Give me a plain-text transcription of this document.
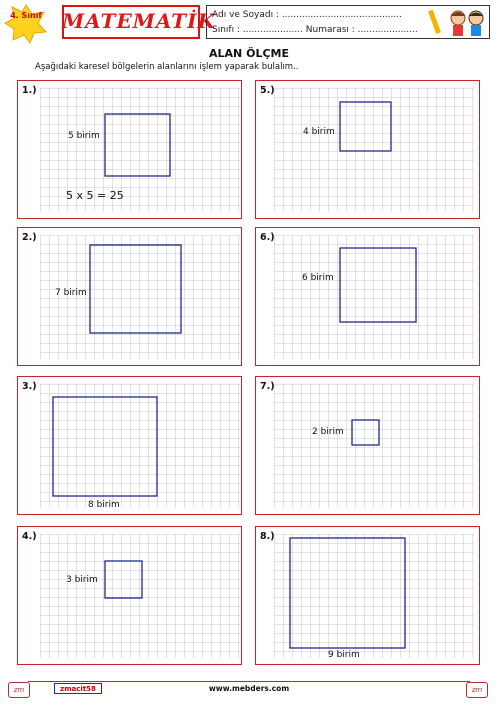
4. Sınıf	MATEMATİK
Adı ve Soyadı : ..........................................
Sınıfı : ..................... Numarası : .....................
ALAN ÖLÇME
Aşağıdaki karesel bölgelerin alanlarını işlem yaparak bulalım..
1.)
5 birim
5 x 5 = 25
2.)
7 birim
3.)
8 birim
4.)
3 birim
5.)
4 birim
6.)
6 birim
7.)
2 birim
8.)
9 birim
zm	zmacit58	www.mebders.com	zm
